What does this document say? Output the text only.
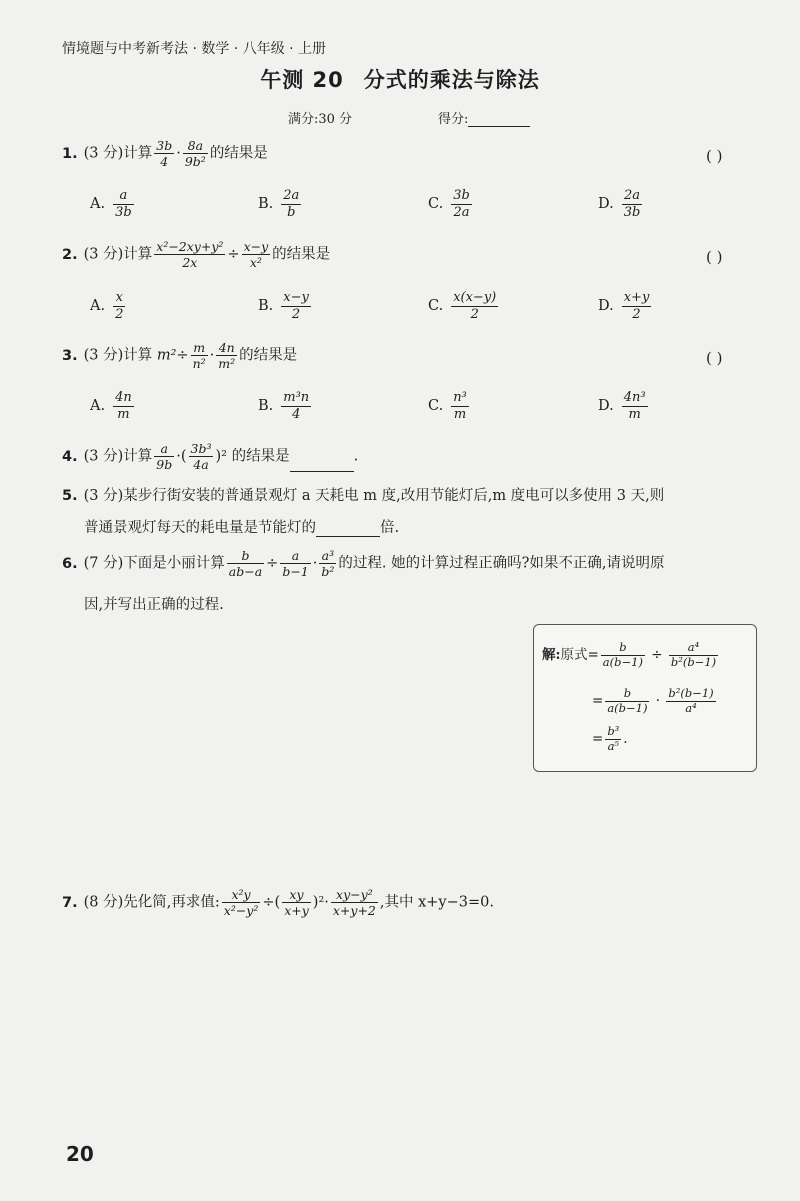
情境题与中考新考法 · 数学 · 八年级 · 上册
午测 20 分式的乘法与除法
满分:30 分	得分:
1. (3 分)计算 $\frac{3b}{4} \cdot \frac{8a}{\text{9b²}}$ 的结果是	( )
A. $\frac{a}{3b}$	B. $\frac{2a}{b}$	C. $\frac{3b}{2a}$	D. $\frac{2a}{3b}$
2. (3 分)计算 $\frac{\text{x²−2xy+y²}}{2x} \div \frac{x-y}{\text{x²}}$ 的结果是	( )
A. $\frac{x}{2}$	B. $\frac{x-y}{2}$	C. $\frac{x(x-y)}{2}$	D. $\frac{x+y}{2}$
3. (3 分)计算 $m^2\div \frac{m}{\text{n²}} \cdot \frac{4n}{\text{m²}}$ 的结果是	( )
A. $\frac{4n}{m}$	B. $\frac{\text{m³n}}{4}$	C. $\frac{\text{n³}}{m}$	D. $\frac{\text{4n³}}{m}$
4. (3 分)计算 $\frac{a}{9b}$ ·( $\frac{\text{3b³}}{4a} )^2$ 的结果是	.
5. (3 分)某步行街安装的普通景观灯 a 天耗电 m 度,改用节能灯后,m 度电可以多使用 3 天,则
普通景观灯每天的耗电量是节能灯的	倍.
6. (7 分)下面是小丽计算 $\frac{b}{ab-a} \div \frac{a}{b-1} \cdot \frac{\text{a³}}{\text{b²}}$ 的过程. 她的计算过程正确吗?如果不正确,请说明原
因,并写出正确的过程.
解:原式= $\frac{b}{a(b-1)} \div \frac{\text{a⁴}}{\text{b²(b−1)}}$
= $\frac{b}{a(b-1)} \cdot \frac{\text{b²(b−1)}}{\text{a⁴}}$
= $\frac{\text{b³}}{\text{a⁵}}$ .
7. (8 分)先化简,再求值: $\frac{\text{x²y}}{\text{x²−y²}}$ ÷( $\frac{xy}{x+y} )^2\cdot \frac{\text{xy−y²}}{x+y+2}$ ,其中 x+y−3=0.
20
